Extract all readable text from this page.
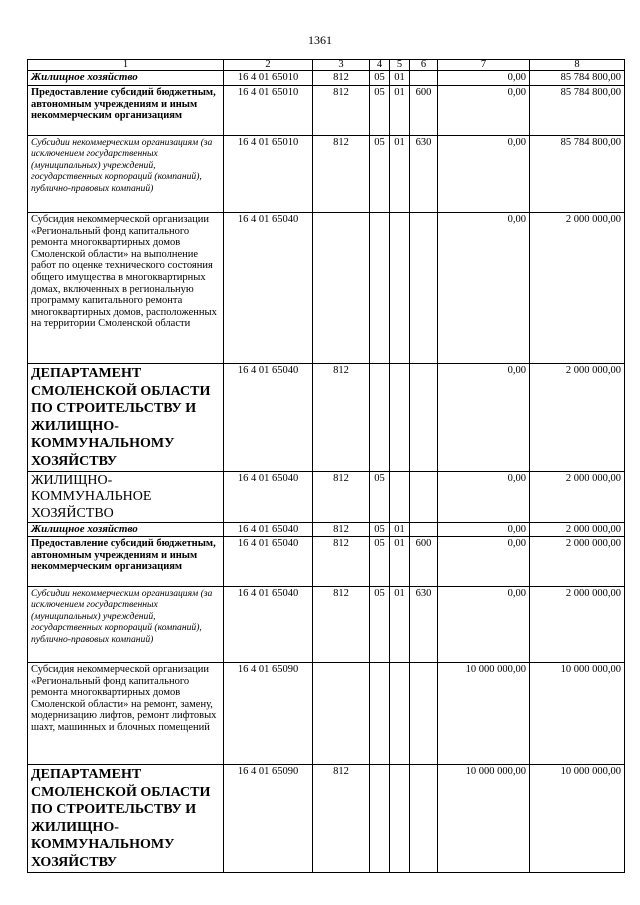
1361
1	2	3	4	5	6	7	8
Жилищное хозяйство	16 4 01 65010	812	05	01		0,00	85 784 800,00
Предоставление субсидий бюджетным, автономным учреждениям и иным некоммерческим организациям	16 4 01 65010	812	05	01	600	0,00	85 784 800,00
Субсидии некоммерческим организациям (за исключением государственных (муниципальных) учреждений, государственных корпораций (компаний), публично-правовых компаний)	16 4 01 65010	812	05	01	630	0,00	85 784 800,00
Субсидия некоммерческой организации «Региональный фонд капитального ремонта многоквартирных домов Смоленской области» на выполнение работ по оценке технического состояния общего имущества в многоквартирных домах, включенных в региональную программу капитального ремонта многоквартирных домов, расположенных на территории Смоленской области	16 4 01 65040					0,00	2 000 000,00
ДЕПАРТАМЕНТ СМОЛЕНСКОЙ ОБЛАСТИ ПО СТРОИТЕЛЬСТВУ И ЖИЛИЩНО-КОММУНАЛЬНОМУ ХОЗЯЙСТВУ	16 4 01 65040	812				0,00	2 000 000,00
ЖИЛИЩНО-КОММУНАЛЬНОЕ ХОЗЯЙСТВО	16 4 01 65040	812	05			0,00	2 000 000,00
Жилищное хозяйство	16 4 01 65040	812	05	01		0,00	2 000 000,00
Предоставление субсидий бюджетным, автономным учреждениям и иным некоммерческим организациям	16 4 01 65040	812	05	01	600	0,00	2 000 000,00
Субсидии некоммерческим организациям (за исключением государственных (муниципальных) учреждений, государственных корпораций (компаний), публично-правовых компаний)	16 4 01 65040	812	05	01	630	0,00	2 000 000,00
Субсидия некоммерческой организации «Региональный фонд капитального ремонта многоквартирных домов Смоленской области» на ремонт, замену, модернизацию лифтов, ремонт лифтовых шахт, машинных и блочных помещений	16 4 01 65090					10 000 000,00	10 000 000,00
ДЕПАРТАМЕНТ СМОЛЕНСКОЙ ОБЛАСТИ ПО СТРОИТЕЛЬСТВУ И ЖИЛИЩНО-КОММУНАЛЬНОМУ ХОЗЯЙСТВУ	16 4 01 65090	812				10 000 000,00	10 000 000,00
